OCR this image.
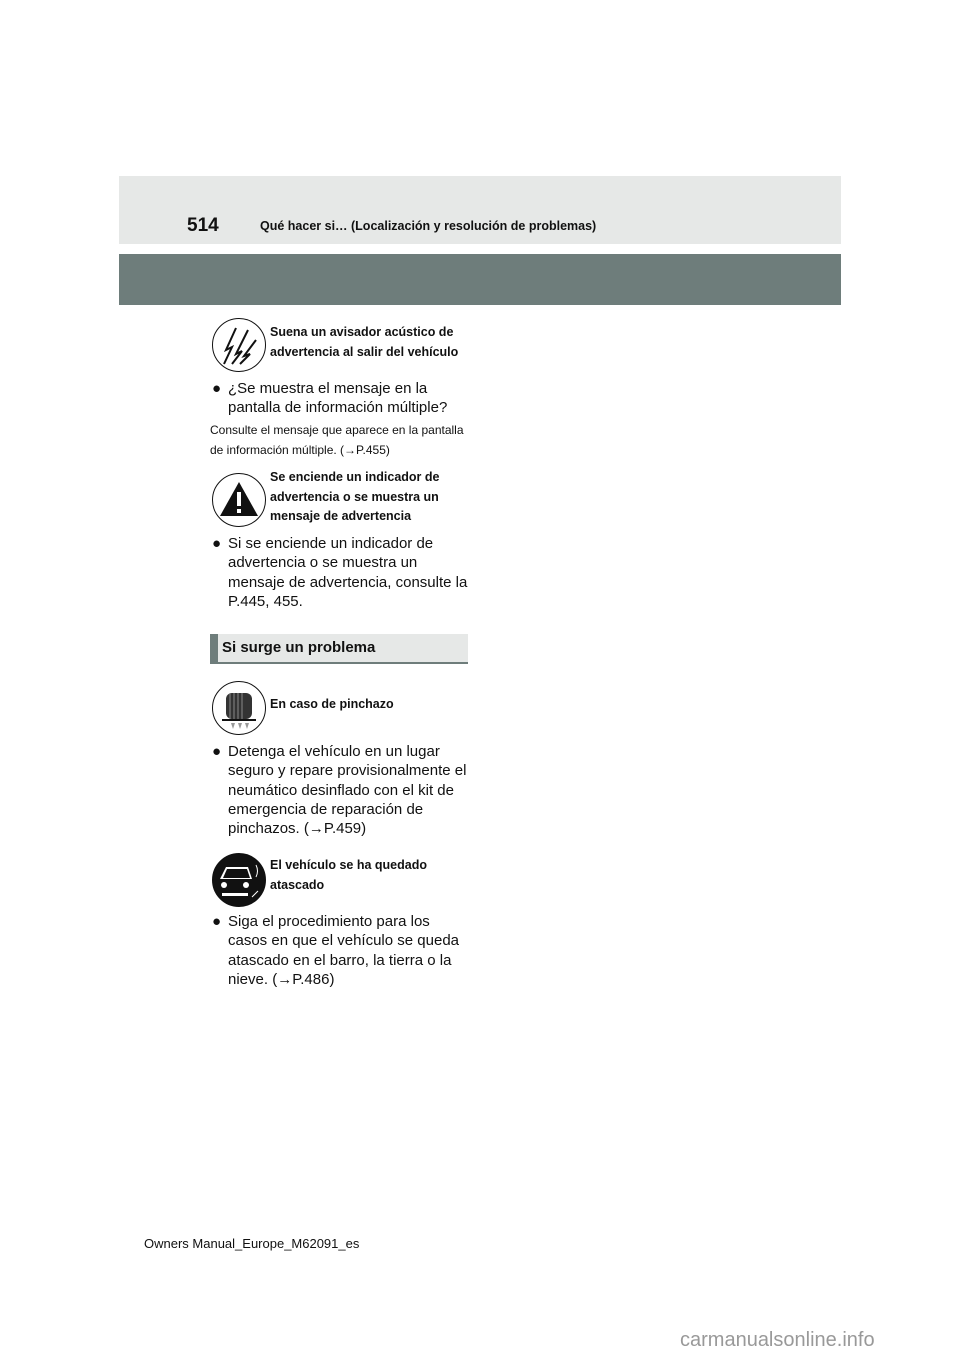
514	Qué hacer si… (Localización y resolución de problemas)
Suena un avisador acústico de advertencia al salir del vehículo
● ¿Se muestra el mensaje en la pantalla de información múltiple?
Consulte el mensaje que aparece en la pantalla de información múltiple. (→P.455)
Se enciende un indicador de advertencia o se muestra un mensaje de advertencia
● Si se enciende un indicador de advertencia o se muestra un mensaje de advertencia, consulte la P.445, 455.
Si surge un problema
En caso de pinchazo
● Detenga el vehículo en un lugar seguro y repare provisionalmente el neumático desinflado con el kit de emergencia de reparación de pinchazos. (→P.459)
El vehículo se ha quedado atascado
● Siga el procedimiento para los casos en que el vehículo se queda atascado en el barro, la tierra o la nieve. (→P.486)
Owners Manual_Europe_M62091_es
carmanualsonline.info
